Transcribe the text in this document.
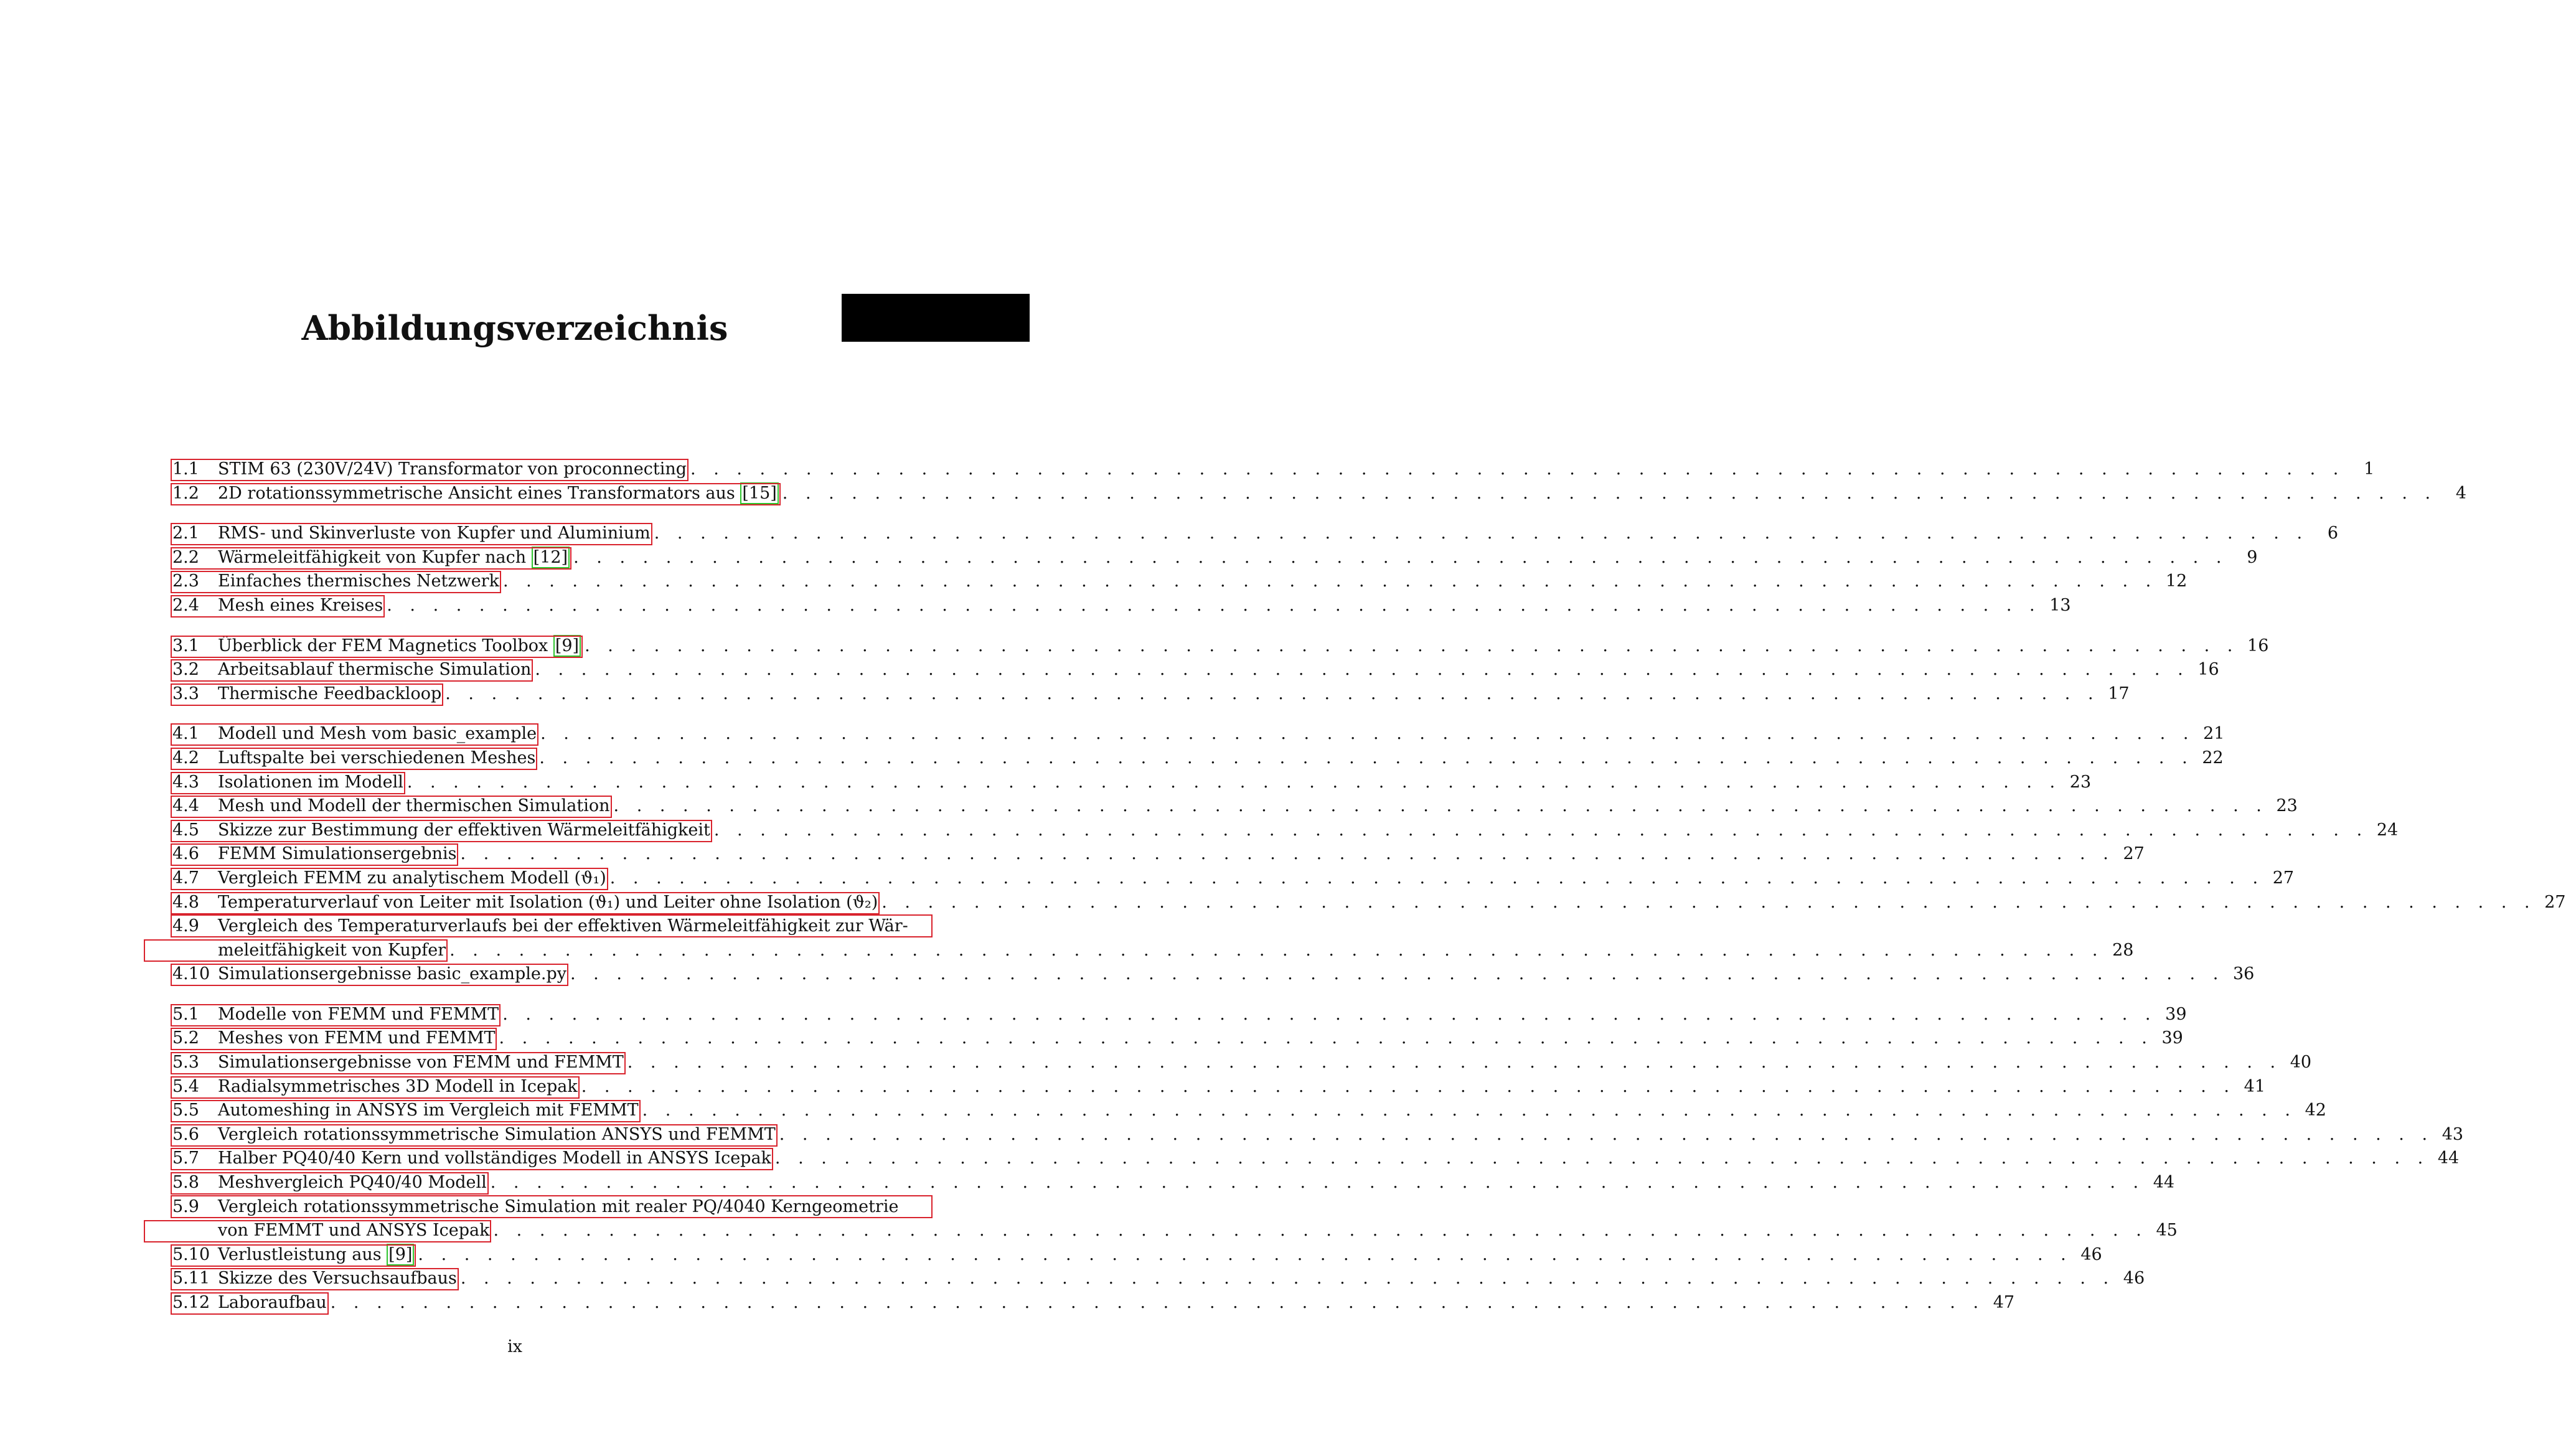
Abbildungsverzeichnis
1.1 STIM 63 (230V/24V) Transformator von proconnecting . . . . . . . . . . . . . . . . . . . . . . . . . . . . . . . . . . . . . . . . . . . . . . . . . . . . . . . . . . . . . . . . . . . . . . . .	1
1.2 2D rotationssymmetrische Ansicht eines Transformators aus [15] . . . . . . . . . . . . . . . . . . . . . . . . . . . . . . . . . . . . . . . . . . . . . . . . . . . . . . . . . . . . . . . . . . . . . . . .	4
2.1 RMS- und Skinverluste von Kupfer und Aluminium . . . . . . . . . . . . . . . . . . . . . . . . . . . . . . . . . . . . . . . . . . . . . . . . . . . . . . . . . . . . . . . . . . . . . . . .	6
2.2 Wärmeleitfähigkeit von Kupfer nach [12] . . . . . . . . . . . . . . . . . . . . . . . . . . . . . . . . . . . . . . . . . . . . . . . . . . . . . . . . . . . . . . . . . . . . . . . .	9
2.3 Einfaches thermisches Netzwerk . . . . . . . . . . . . . . . . . . . . . . . . . . . . . . . . . . . . . . . . . . . . . . . . . . . . . . . . . . . . . . . . . . . . . . . . 12
2.4 Mesh eines Kreises . . . . . . . . . . . . . . . . . . . . . . . . . . . . . . . . . . . . . . . . . . . . . . . . . . . . . . . . . . . . . . . . . . . . . . . . 13
3.1 Überblick der FEM Magnetics Toolbox [9] . . . . . . . . . . . . . . . . . . . . . . . . . . . . . . . . . . . . . . . . . . . . . . . . . . . . . . . . . . . . . . . . . . . . . . . . 16
3.2 Arbeitsablauf thermische Simulation . . . . . . . . . . . . . . . . . . . . . . . . . . . . . . . . . . . . . . . . . . . . . . . . . . . . . . . . . . . . . . . . . . . . . . . . 16
3.3 Thermische Feedbackloop . . . . . . . . . . . . . . . . . . . . . . . . . . . . . . . . . . . . . . . . . . . . . . . . . . . . . . . . . . . . . . . . . . . . . . . . 17
4.1 Modell und Mesh vom basic_example . . . . . . . . . . . . . . . . . . . . . . . . . . . . . . . . . . . . . . . . . . . . . . . . . . . . . . . . . . . . . . . . . . . . . . . . 21
4.2 Luftspalte bei verschiedenen Meshes . . . . . . . . . . . . . . . . . . . . . . . . . . . . . . . . . . . . . . . . . . . . . . . . . . . . . . . . . . . . . . . . . . . . . . . . 22
4.3 Isolationen im Modell . . . . . . . . . . . . . . . . . . . . . . . . . . . . . . . . . . . . . . . . . . . . . . . . . . . . . . . . . . . . . . . . . . . . . . . . 23
4.4 Mesh und Modell der thermischen Simulation . . . . . . . . . . . . . . . . . . . . . . . . . . . . . . . . . . . . . . . . . . . . . . . . . . . . . . . . . . . . . . . . . . . . . . . . 23
4.5 Skizze zur Bestimmung der effektiven Wärmeleitfähigkeit . . . . . . . . . . . . . . . . . . . . . . . . . . . . . . . . . . . . . . . . . . . . . . . . . . . . . . . . . . . . . . . . . . . . . . . . 24
4.6 FEMM Simulationsergebnis . . . . . . . . . . . . . . . . . . . . . . . . . . . . . . . . . . . . . . . . . . . . . . . . . . . . . . . . . . . . . . . . . . . . . . . . 27
4.7 Vergleich FEMM zu analytischem Modell (ϑ₁) . . . . . . . . . . . . . . . . . . . . . . . . . . . . . . . . . . . . . . . . . . . . . . . . . . . . . . . . . . . . . . . . . . . . . . . . 27
4.8 Temperaturverlauf von Leiter mit Isolation (ϑ₁) und Leiter ohne Isolation (ϑ₂) . . . . . . . . . . . . . . . . . . . . . . . . . . . . . . . . . . . . . . . . . . . . . . . . . . . . . . . . . . . . . . . . . . . . . . . . 27
4.9 Vergleich des Temperaturverlaufs bei der effektiven Wärmeleitfähigkeit zur Wär-
meleitfähigkeit von Kupfer . . . . . . . . . . . . . . . . . . . . . . . . . . . . . . . . . . . . . . . . . . . . . . . . . . . . . . . . . . . . . . . . . . . . . . . . 28
4.10 Simulationsergebnisse basic_example.py . . . . . . . . . . . . . . . . . . . . . . . . . . . . . . . . . . . . . . . . . . . . . . . . . . . . . . . . . . . . . . . . . . . . . . . . 36
5.1 Modelle von FEMM und FEMMT . . . . . . . . . . . . . . . . . . . . . . . . . . . . . . . . . . . . . . . . . . . . . . . . . . . . . . . . . . . . . . . . . . . . . . . . 39
5.2 Meshes von FEMM und FEMMT . . . . . . . . . . . . . . . . . . . . . . . . . . . . . . . . . . . . . . . . . . . . . . . . . . . . . . . . . . . . . . . . . . . . . . . . 39
5.3 Simulationsergebnisse von FEMM und FEMMT . . . . . . . . . . . . . . . . . . . . . . . . . . . . . . . . . . . . . . . . . . . . . . . . . . . . . . . . . . . . . . . . . . . . . . . . 40
5.4 Radialsymmetrisches 3D Modell in Icepak . . . . . . . . . . . . . . . . . . . . . . . . . . . . . . . . . . . . . . . . . . . . . . . . . . . . . . . . . . . . . . . . . . . . . . . . 41
5.5 Automeshing in ANSYS im Vergleich mit FEMMT . . . . . . . . . . . . . . . . . . . . . . . . . . . . . . . . . . . . . . . . . . . . . . . . . . . . . . . . . . . . . . . . . . . . . . . . 42
5.6 Vergleich rotationssymmetrische Simulation ANSYS und FEMMT . . . . . . . . . . . . . . . . . . . . . . . . . . . . . . . . . . . . . . . . . . . . . . . . . . . . . . . . . . . . . . . . . . . . . . . . 43
5.7 Halber PQ40/40 Kern und vollständiges Modell in ANSYS Icepak . . . . . . . . . . . . . . . . . . . . . . . . . . . . . . . . . . . . . . . . . . . . . . . . . . . . . . . . . . . . . . . . . . . . . . . . 44
5.8 Meshvergleich PQ40/40 Modell . . . . . . . . . . . . . . . . . . . . . . . . . . . . . . . . . . . . . . . . . . . . . . . . . . . . . . . . . . . . . . . . . . . . . . . . 44
5.9 Vergleich rotationssymmetrische Simulation mit realer PQ/4040 Kerngeometrie
von FEMMT und ANSYS Icepak . . . . . . . . . . . . . . . . . . . . . . . . . . . . . . . . . . . . . . . . . . . . . . . . . . . . . . . . . . . . . . . . . . . . . . . . 45
5.10 Verlustleistung aus [9] . . . . . . . . . . . . . . . . . . . . . . . . . . . . . . . . . . . . . . . . . . . . . . . . . . . . . . . . . . . . . . . . . . . . . . . . 46
5.11 Skizze des Versuchsaufbaus . . . . . . . . . . . . . . . . . . . . . . . . . . . . . . . . . . . . . . . . . . . . . . . . . . . . . . . . . . . . . . . . . . . . . . . . 46
5.12 Laboraufbau . . . . . . . . . . . . . . . . . . . . . . . . . . . . . . . . . . . . . . . . . . . . . . . . . . . . . . . . . . . . . . . . . . . . . . . . 47
ix
